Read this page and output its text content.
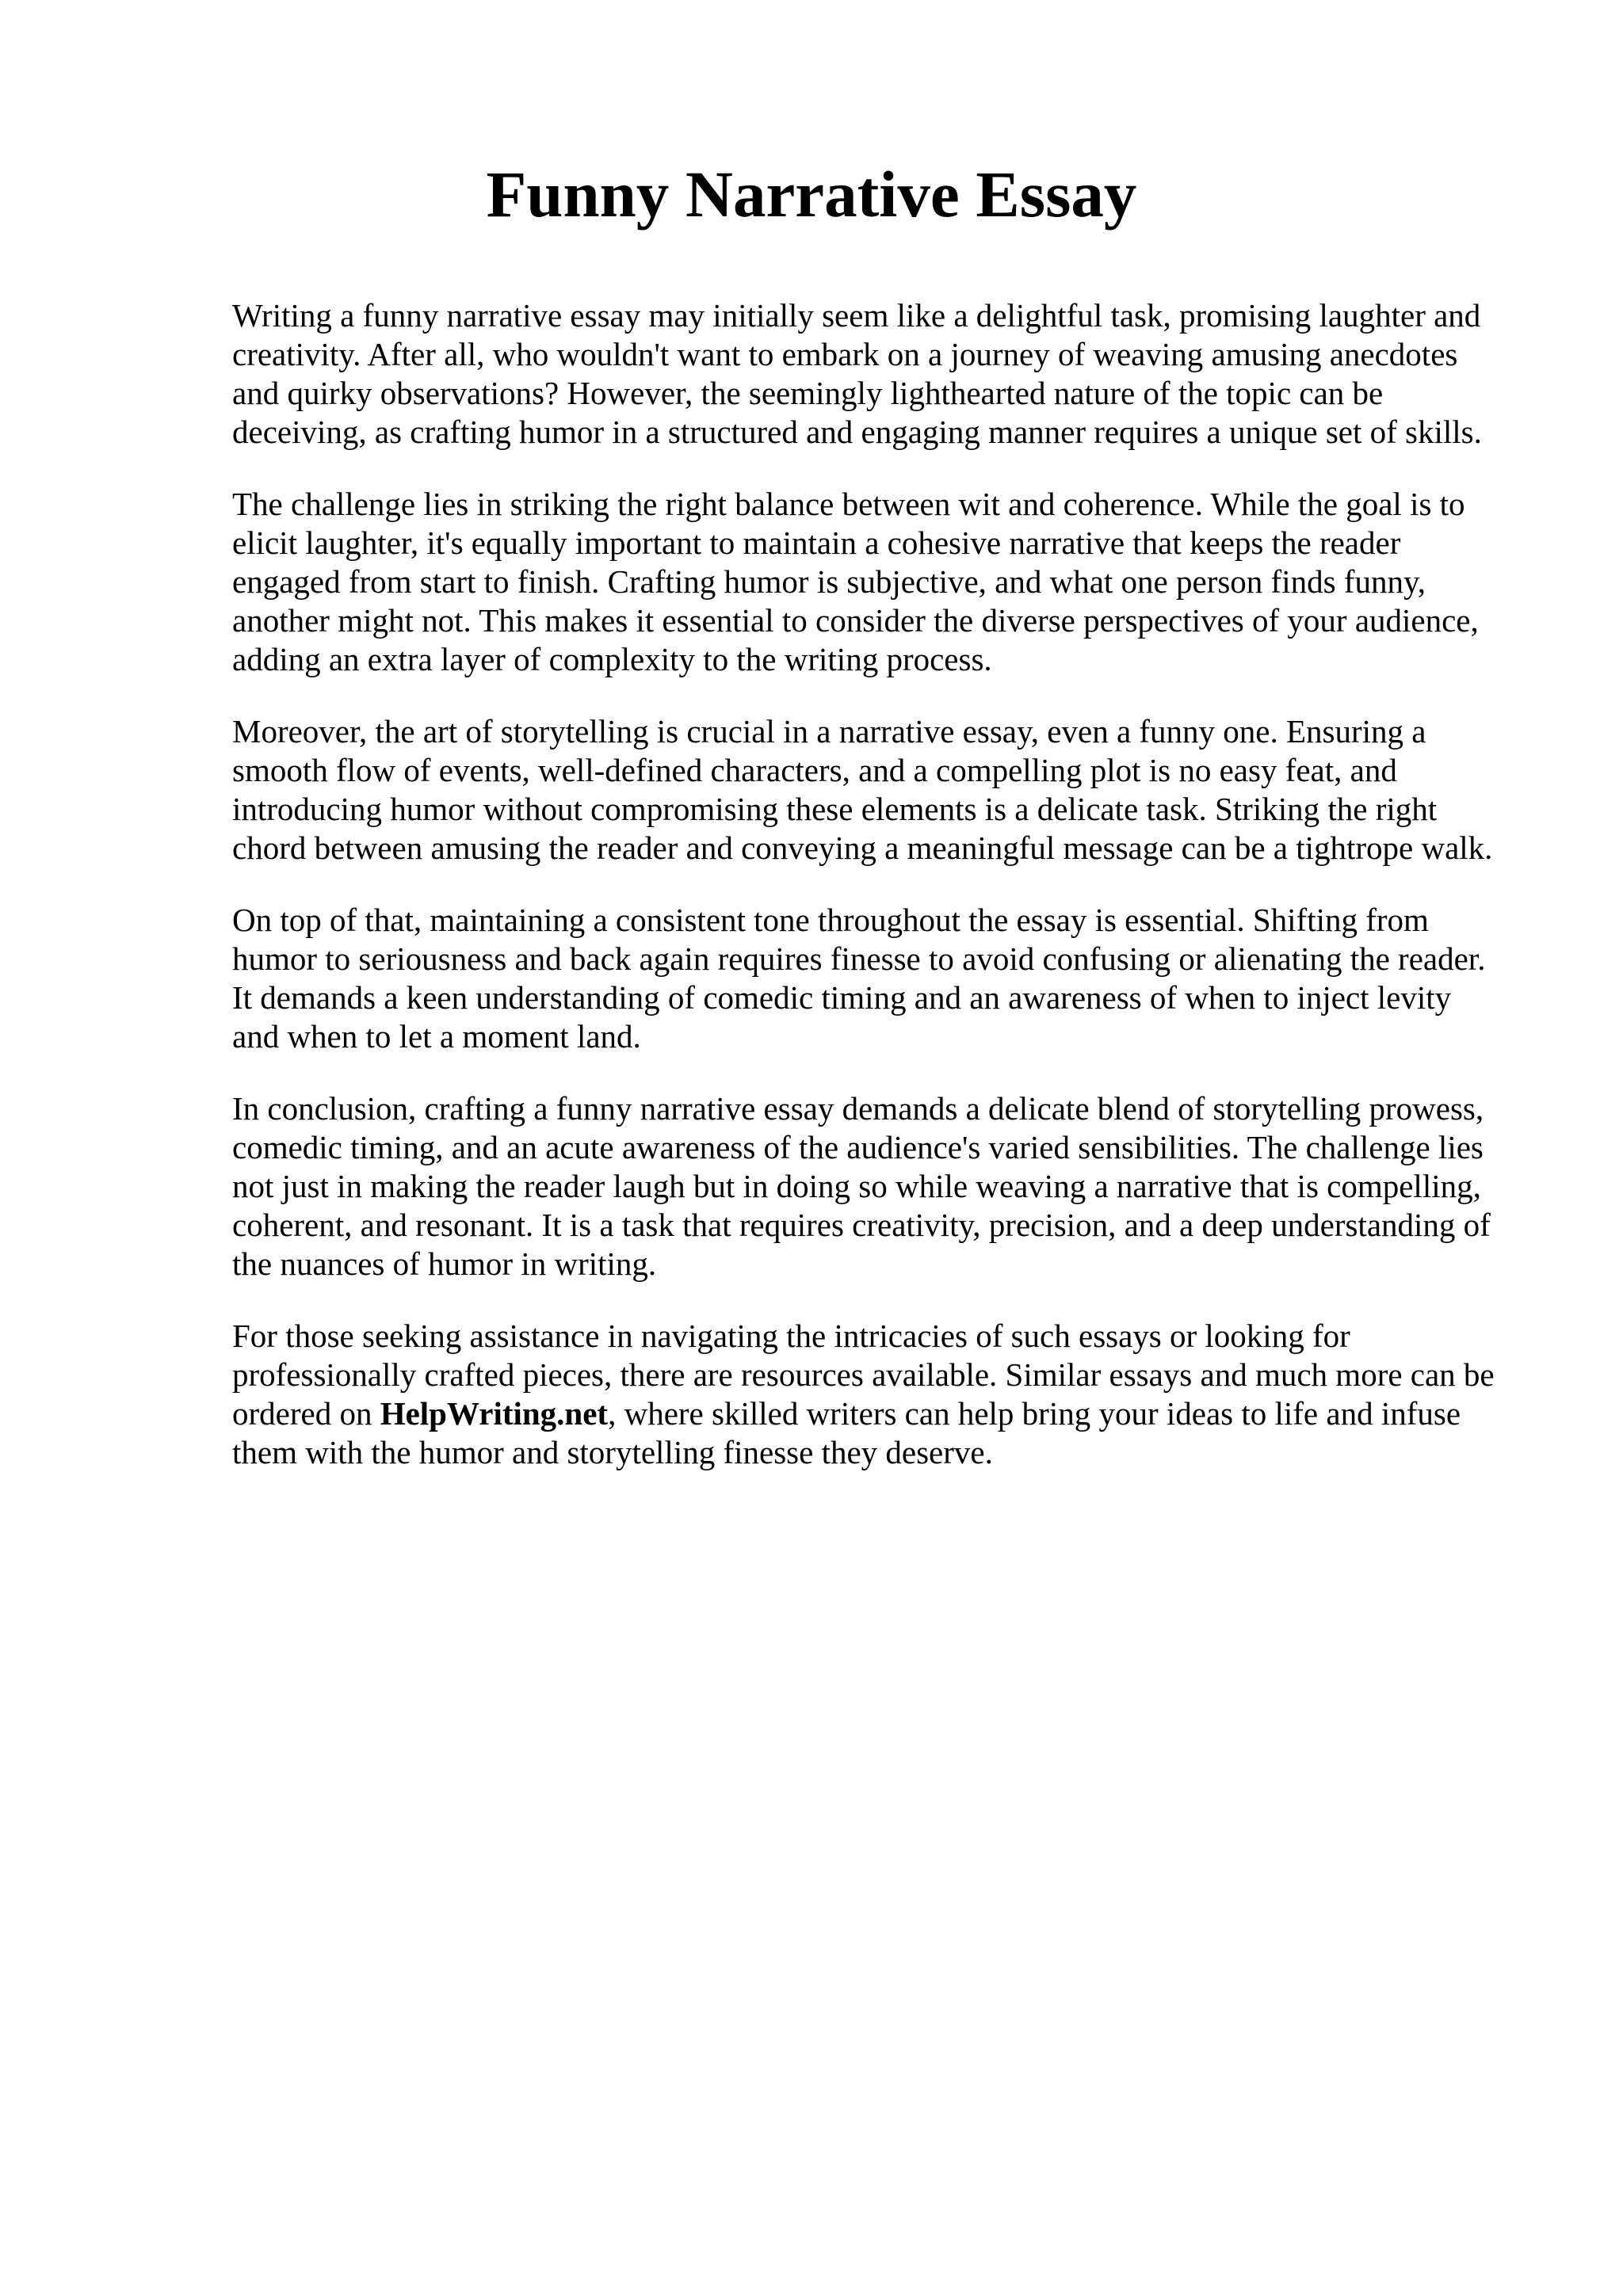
Funny Narrative Essay

Writing a funny narrative essay may initially seem like a delightful task, promising laughter and
creativity. After all, who wouldn't want to embark on a journey of weaving amusing anecdotes
and quirky observations? However, the seemingly lighthearted nature of the topic can be
deceiving, as crafting humor in a structured and engaging manner requires a unique set of skills.

The challenge lies in striking the right balance between wit and coherence. While the goal is to
elicit laughter, it's equally important to maintain a cohesive narrative that keeps the reader
engaged from start to finish. Crafting humor is subjective, and what one person finds funny,
another might not. This makes it essential to consider the diverse perspectives of your audience,
adding an extra layer of complexity to the writing process.

Moreover, the art of storytelling is crucial in a narrative essay, even a funny one. Ensuring a
smooth flow of events, well-defined characters, and a compelling plot is no easy feat, and
introducing humor without compromising these elements is a delicate task. Striking the right
chord between amusing the reader and conveying a meaningful message can be a tightrope walk.

On top of that, maintaining a consistent tone throughout the essay is essential. Shifting from
humor to seriousness and back again requires finesse to avoid confusing or alienating the reader.
It demands a keen understanding of comedic timing and an awareness of when to inject levity
and when to let a moment land.

In conclusion, crafting a funny narrative essay demands a delicate blend of storytelling prowess,
comedic timing, and an acute awareness of the audience's varied sensibilities. The challenge lies
not just in making the reader laugh but in doing so while weaving a narrative that is compelling,
coherent, and resonant. It is a task that requires creativity, precision, and a deep understanding of
the nuances of humor in writing.

For those seeking assistance in navigating the intricacies of such essays or looking for
professionally crafted pieces, there are resources available. Similar essays and much more can be
ordered on HelpWriting.net, where skilled writers can help bring your ideas to life and infuse
them with the humor and storytelling finesse they deserve.
